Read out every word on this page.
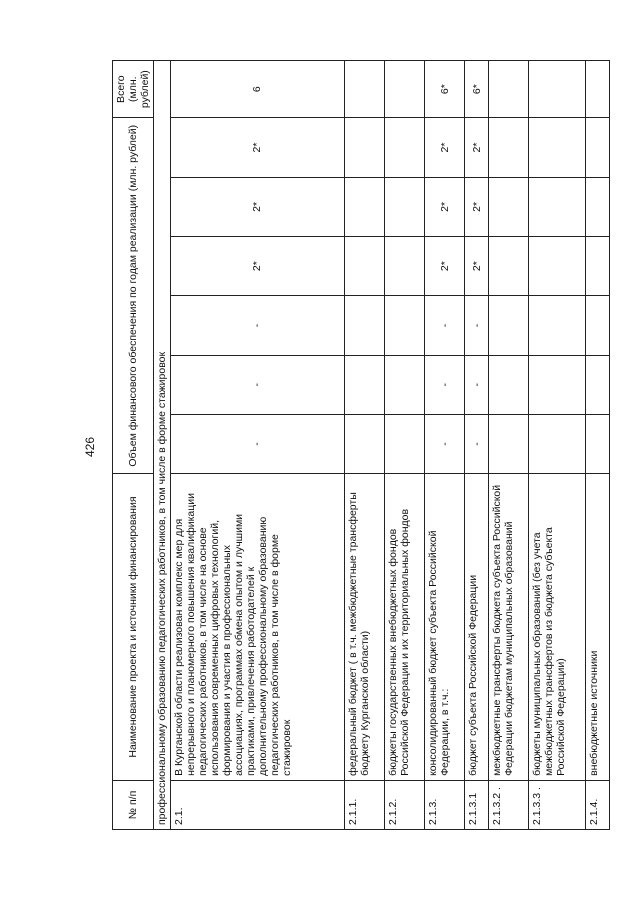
426
№ п/п	Наименование проекта и источники финансирования	Объем финансового обеспечения по годам реализации (млн. рублей)						Всего (млн. рублей)
профессиональному образованию педагогических работников, в том числе в форме стажировок								
2.1.	В Курганской области реализован комплекс мер для непрерывного и планомерного повышения квалификации педагогических работников, в том числе на основе использования современных цифровых технологий, формирования и участия в профессиональных ассоциациях, программах обмена опытом и лучшими практиками, привлечения работодателей к дополнительному профессиональному образованию педагогических работников, в том числе в форме стажировок	-	-	-	2*	2*	2*	6
2.1.1.	федеральный бюджет ( в т.ч. межбюджетные трансферты бюджету Курганской области)							
2.1.2.	бюджеты государственных внебюджетных фондов Российской Федерации и их территориальных фондов							
2.1.3.	консолидированный бюджет субъекта Российской Федерации, в т.ч.:	-	-	-	2*	2*	2*	6*
2.1.3.1	бюджет субъекта Российской Федерации	-	-	-	2*	2*	2*	6*
2.1.3.2 .	межбюджетные трансферты бюджета субъекта Российской Федерации бюджетам муниципальных образований							
2.1.3.3 .	бюджеты муниципальных образований (без учета межбюджетных трансфертов из бюджета субъекта Российской Федерации)							
2.1.4.	внебюджетные источники							
